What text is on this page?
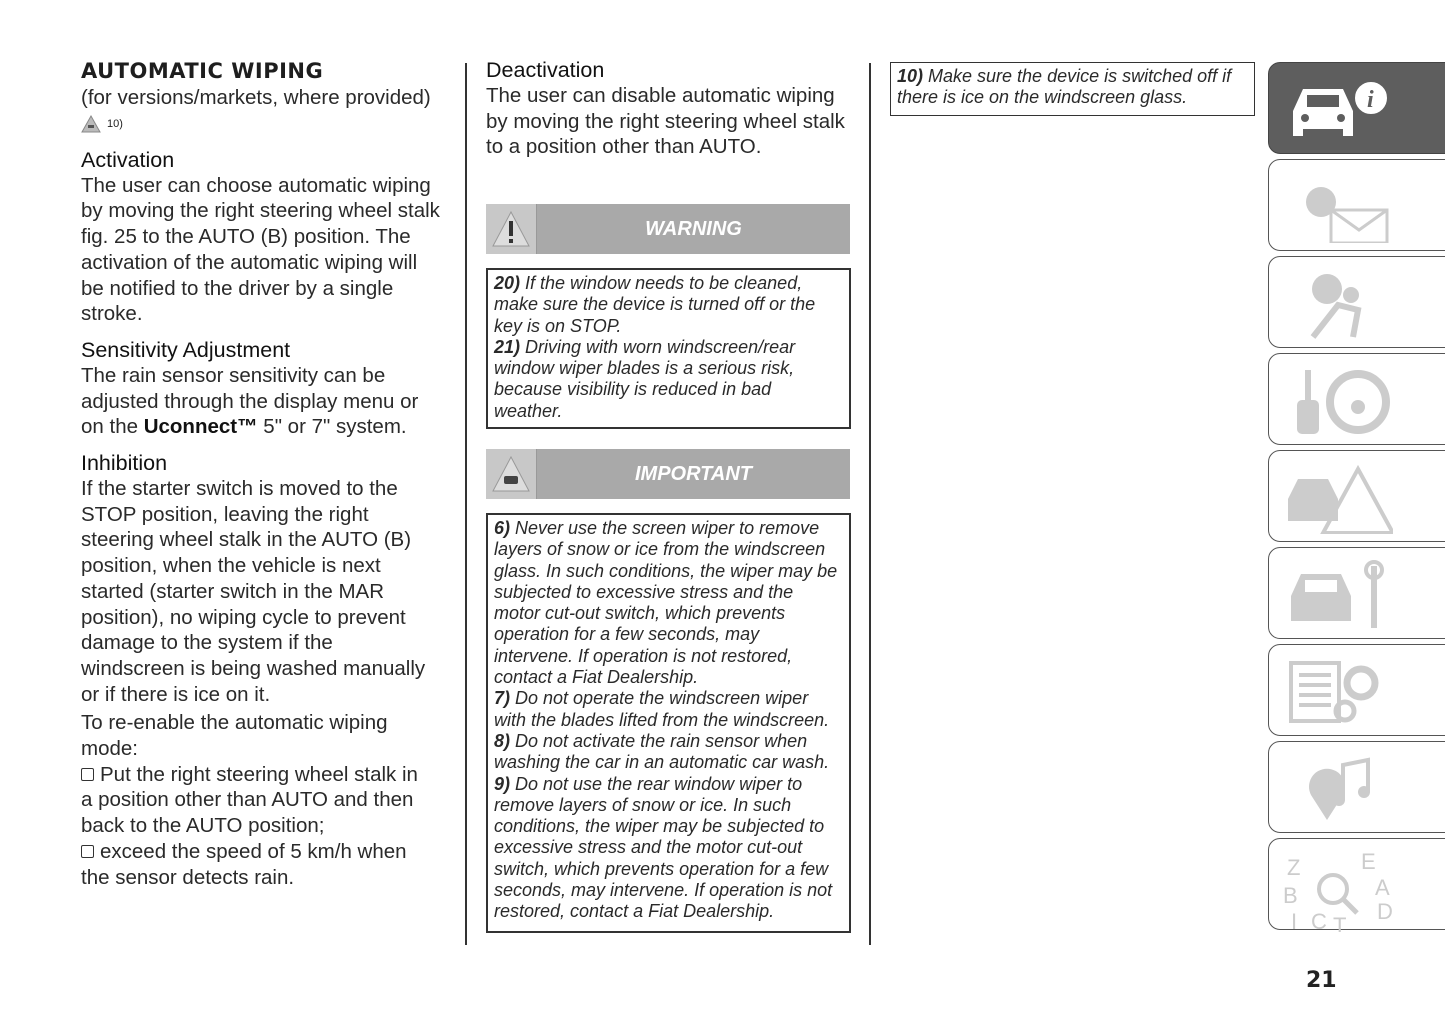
AUTOMATIC WIPING

(for versions/markets, where provided)

10)
Activation

The user can choose automatic wiping by moving the right steering wheel stalk fig. 25 to the AUTO (B) position. The activation of the automatic wiping will be notified to the driver by a single stroke.

Sensitivity Adjustment

The rain sensor sensitivity can be adjusted through the display menu or on the Uconnect™ 5" or 7" system.

Inhibition

If the starter switch is moved to the STOP position, leaving the right steering wheel stalk in the AUTO (B) position, when the vehicle is next started (starter switch in the MAR position), no wiping cycle to prevent damage to the system if the windscreen is being washed manually or if there is ice on it.

To re-enable the automatic wiping mode:

Put the right steering wheel stalk in a position other than AUTO and then back to the AUTO position;

exceed the speed of 5 km/h when the sensor detects rain.

Deactivation

The user can disable automatic wiping by moving the right steering wheel stalk to a position other than AUTO.

WARNING
20) If the window needs to be cleaned, make sure the device is turned off or the key is on STOP.
21) Driving with worn windscreen/rear window wiper blades is a serious risk, because visibility is reduced in bad weather.
IMPORTANT
6) Never use the screen wiper to remove layers of snow or ice from the windscreen glass. In such conditions, the wiper may be subjected to excessive stress and the motor cut-out switch, which prevents operation for a few seconds, may intervene. If operation is not restored, contact a Fiat Dealership.
7) Do not operate the windscreen wiper with the blades lifted from the windscreen.
8) Do not activate the rain sensor when washing the car in an automatic car wash.
9) Do not use the rear window wiper to remove layers of snow or ice. In such conditions, the wiper may be subjected to excessive stress and the motor cut-out switch, which prevents operation for a few seconds, may intervene. If operation is not restored, contact a Fiat Dealership.
10) Make sure the device is switched off if there is ice on the windscreen glass.	i
Z	E
A
D
B
I C T
21
